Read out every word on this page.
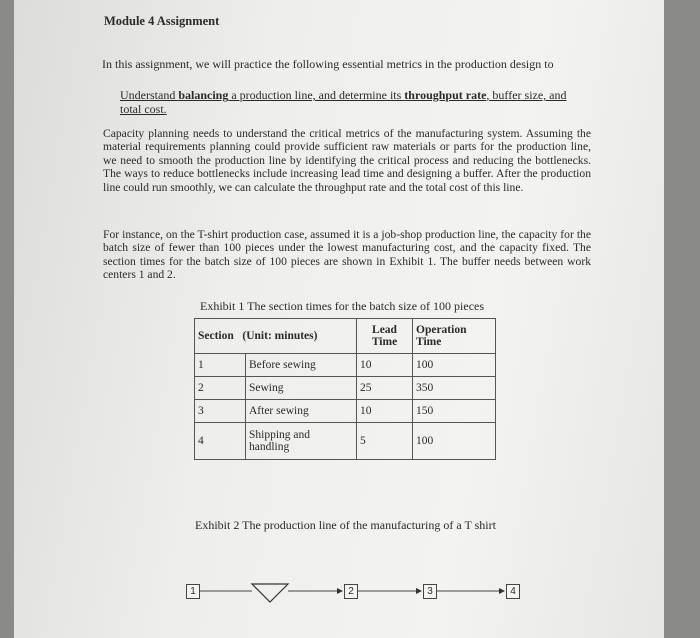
Module 4 Assignment
In this assignment, we will practice the following essential metrics in the production design to
Understand balancing a production line, and determine its throughput rate, buffer size, and total cost.
Capacity planning needs to understand the critical metrics of the manufacturing system. Assuming the material requirements planning could provide sufficient raw materials or parts for the production line, we need to smooth the production line by identifying the critical process and reducing the bottlenecks. The ways to reduce bottlenecks include increasing lead time and designing a buffer. After the production line could run smoothly, we can calculate the throughput rate and the total cost of this line.
For instance, on the T-shirt production case, assumed it is a job-shop production line, the capacity for the batch size of fewer than 100 pieces under the lowest manufacturing cost, and the capacity fixed. The section times for the batch size of 100 pieces are shown in Exhibit 1. The buffer needs between work centers 1 and 2.
Exhibit 1 The section times for the batch size of 100 pieces
Section (Unit: minutes)		Lead Time	Operation Time
1	Before sewing	10	100
2	Sewing	25	350
3	After sewing	10	150
4	Shipping and handling	5	100
Exhibit 2 The production line of the manufacturing of a T shirt
1	2	3	4
